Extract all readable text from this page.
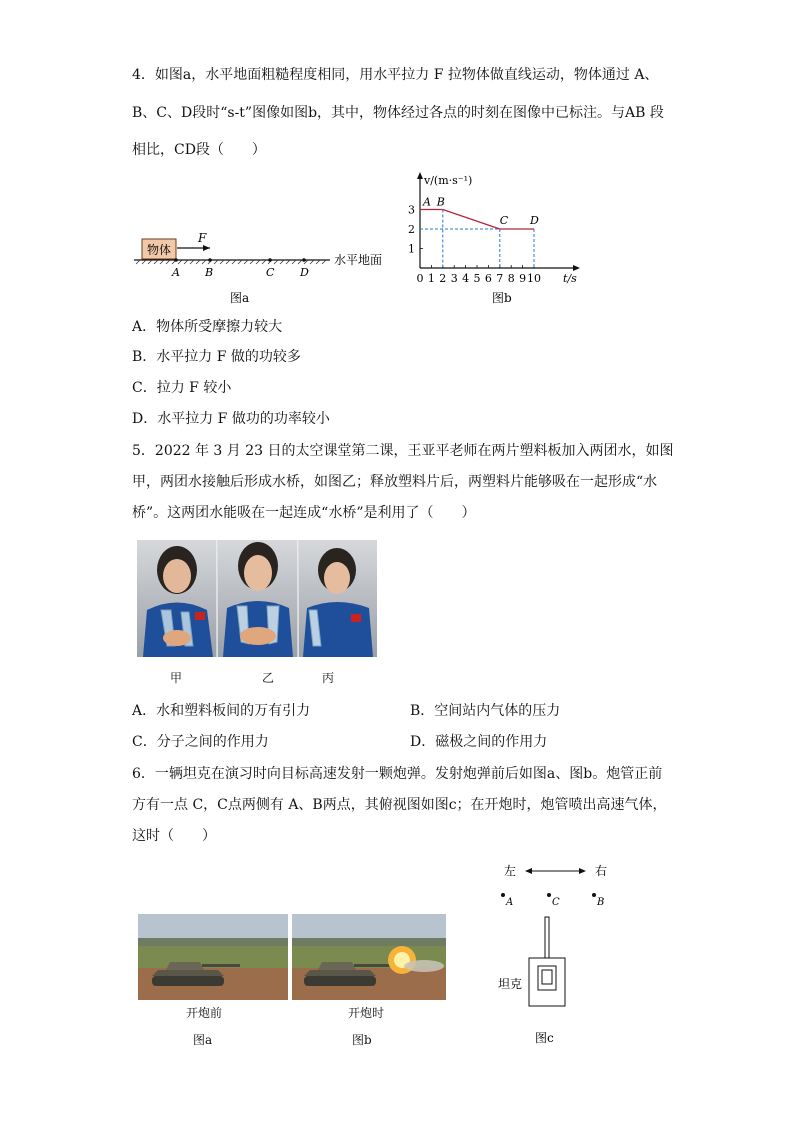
4．如图a，水平地面粗糙程度相同，用水平拉力 F 拉物体做直线运动，物体通过 A、
B、C、D段时“s-t”图像如图b，其中，物体经过各点的时刻在图像中已标注。与AB 段
相比，CD段（　　）
物体
F
A B	C D
水平地面
图a
v/(m·s⁻¹)
t/s
0 1 2 3 4 5 6 7 8 9 10
1
2
3
A B
C D
图b
A．物体所受摩擦力较大
B．水平拉力 F 做的功较多
C．拉力 F 较小
D．水平拉力 F 做功的功率较小
5．2022 年 3 月 23 日的太空课堂第二课，王亚平老师在两片塑料板加入两团水，如图
甲，两团水接触后形成水桥，如图乙；释放塑料片后，两塑料片能够吸在一起形成“水
桥”。这两团水能吸在一起连成“水桥”是利用了（　　）
甲	乙	丙
A．水和塑料板间的万有引力	B．空间站内气体的压力
C．分子之间的作用力	D．磁极之间的作用力
6．一辆坦克在演习时向目标高速发射一颗炮弹。发射炮弹前后如图a、图b。炮管正前
方有一点 C，C点两侧有 A、B两点，其俯视图如图c；在开炮时，炮管喷出高速气体，
这时（　　）
开炮前	开炮时
图a	图b
左	右
A	C	B
坦克
图c
